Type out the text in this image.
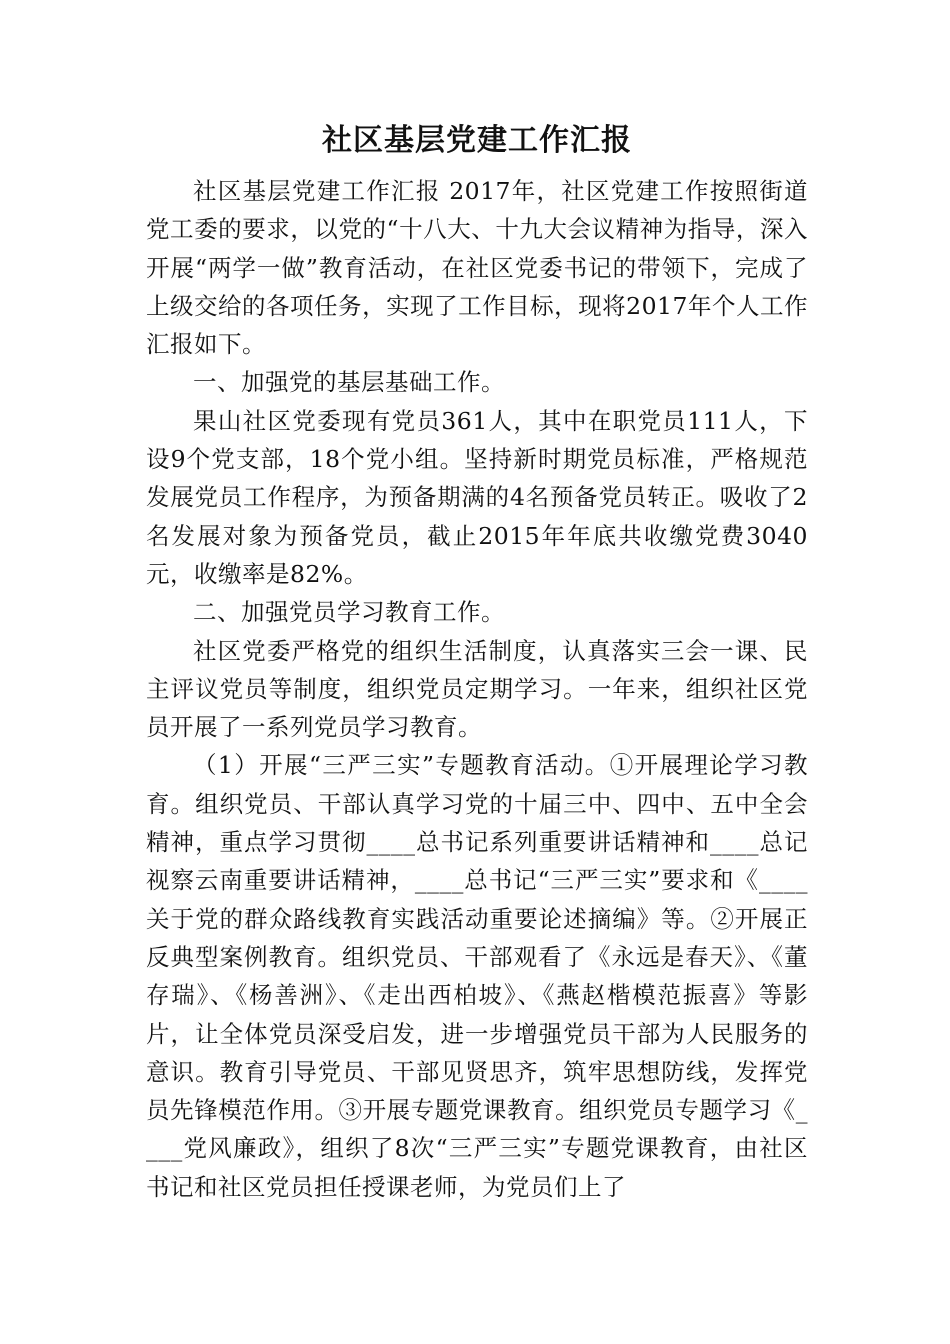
社区基层党建工作汇报

社区基层党建工作汇报 2017年，社区党建工作按照街道党工委的要求，以党的“十八大、十九大会议精神为指导，深入开展“两学一做”教育活动，在社区党委书记的带领下，完成了上级交给的各项任务，实现了工作目标，现将2017年个人工作汇报如下。

一、加强党的基层基础工作。

果山社区党委现有党员361人，其中在职党员111人，下设9个党支部，18个党小组。坚持新时期党员标准，严格规范发展党员工作程序，为预备期满的4名预备党员转正。吸收了2名发展对象为预备党员，截止2015年年底共收缴党费3040元，收缴率是82%。

二、加强党员学习教育工作。

社区党委严格党的组织生活制度，认真落实三会一课、民主评议党员等制度，组织党员定期学习。一年来，组织社区党员开展了一系列党员学习教育。

（1）开展“三严三实”专题教育活动。①开展理论学习教育。组织党员、干部认真学习党的十届三中、四中、五中全会精神，重点学习贯彻____总书记系列重要讲话精神和____总记视察云南重要讲话精神，____总书记“三严三实”要求和《____关于党的群众路线教育实践活动重要论述摘编》等。②开展正反典型案例教育。组织党员、干部观看了《永远是春天》、《董存瑞》、《杨善洲》、《走出西柏坡》、《燕赵楷模范振喜》等影片，让全体党员深受启发，进一步增强党员干部为人民服务的意识。教育引导党员、干部见贤思齐，筑牢思想防线，发挥党员先锋模范作用。③开展专题党课教育。组织党员专题学习《____党风廉政》，组织了8次“三严三实”专题党课教育，由社区书记和社区党员担任授课老师，为党员们上了
